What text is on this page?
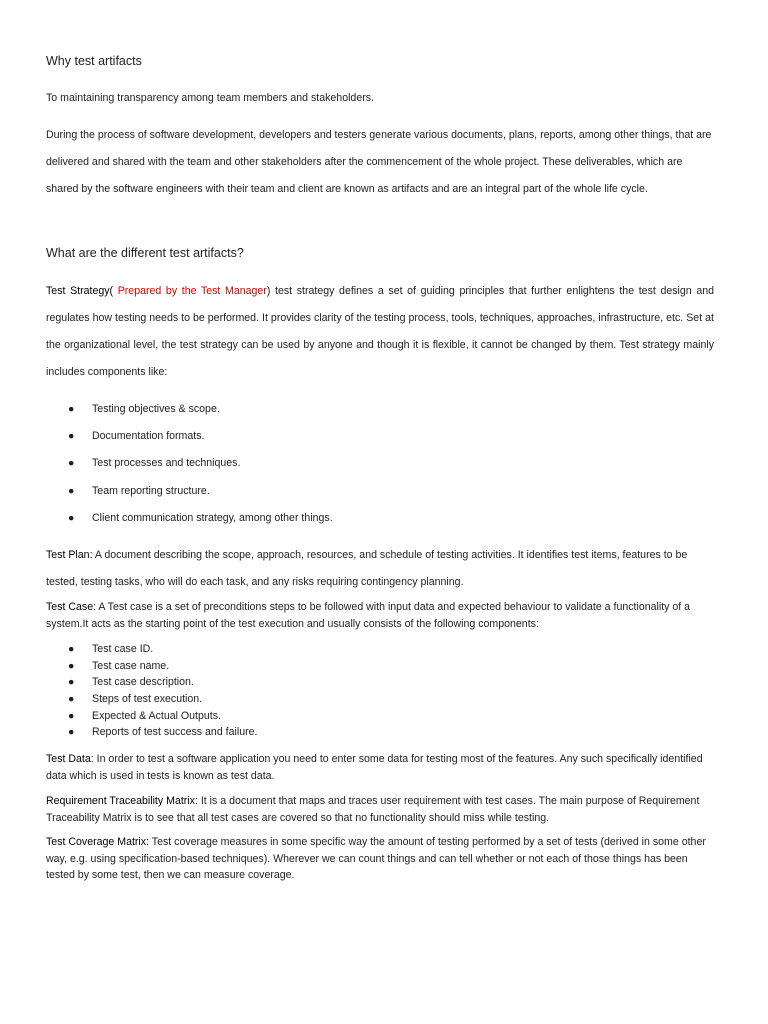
Why test artifacts
To maintaining transparency among team members and stakeholders.
During the process of software development, developers and testers generate various documents, plans, reports, among other things, that are delivered and shared with the team and other stakeholders after the commencement of the whole project. These deliverables, which are shared by the software engineers with their team and client are known as artifacts and are an integral part of the whole life cycle.
What are the different test artifacts?
Test Strategy( Prepared by the Test Manager) test strategy defines a set of guiding principles that further enlightens the test design and regulates how testing needs to be performed. It provides clarity of the testing process, tools, techniques, approaches, infrastructure, etc. Set at the organizational level, the test strategy can be used by anyone and though it is flexible, it cannot be changed by them. Test strategy mainly includes components like:
● Testing objectives & scope.
● Documentation formats.
● Test processes and techniques.
● Team reporting structure.
● Client communication strategy, among other things.
Test Plan: A document describing the scope, approach, resources, and schedule of testing activities. It identifies test items, features to be tested, testing tasks, who will do each task, and any risks requiring contingency planning.
Test Case: A Test case is a set of preconditions steps to be followed with input data and expected behaviour to validate a functionality of a system.It acts as the starting point of the test execution and usually consists of the following components:
● Test case ID.
● Test case name.
● Test case description.
● Steps of test execution.
● Expected & Actual Outputs.
● Reports of test success and failure.
Test Data: In order to test a software application you need to enter some data for testing most of the features. Any such specifically identified data which is used in tests is known as test data.
Requirement Traceability Matrix: It is a document that maps and traces user requirement with test cases. The main purpose of Requirement Traceability Matrix is to see that all test cases are covered so that no functionality should miss while testing.
Test Coverage Matrix: Test coverage measures in some specific way the amount of testing performed by a set of tests (derived in some other way, e.g. using specification-based techniques). Wherever we can count things and can tell whether or not each of those things has been tested by some test, then we can measure coverage.
